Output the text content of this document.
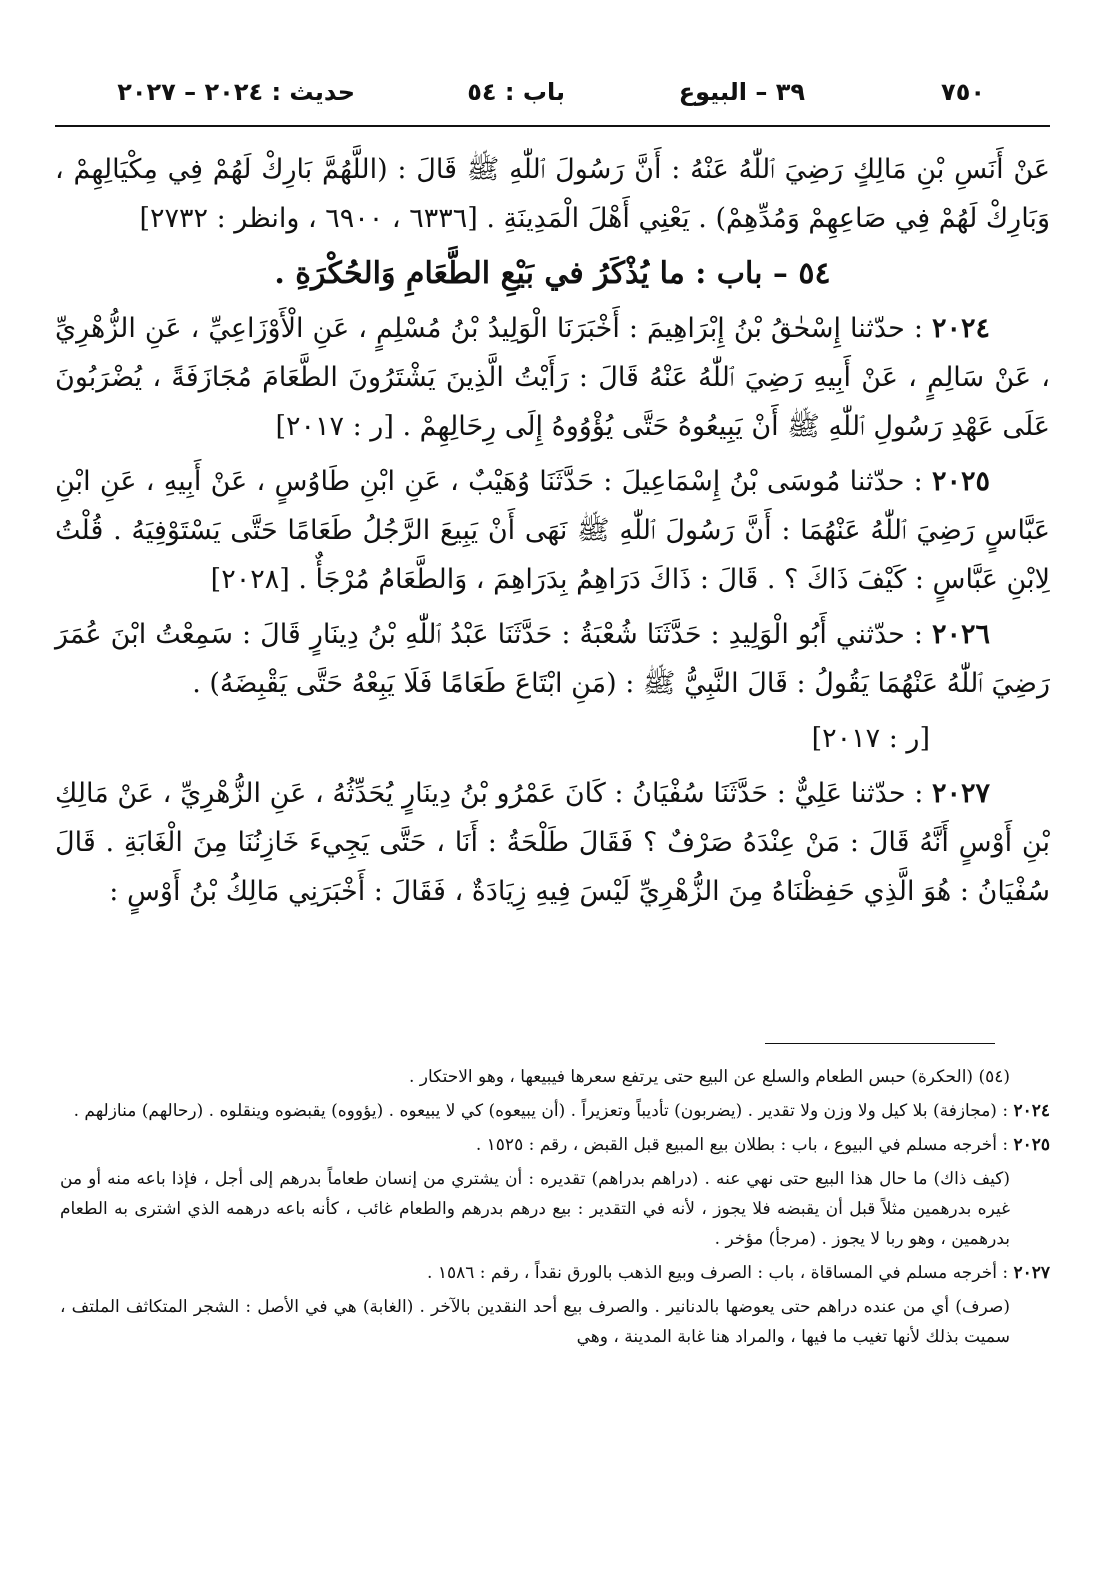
٧٥٠
٣٩ – البيوع
باب : ٥٤
حديث : ٢٠٢٤ – ٢٠٢٧

عَنْ أَنَسِ بْنِ مَالِكٍ رَضِيَ ٱللّٰهُ عَنْهُ : أَنَّ رَسُولَ ٱللّٰهِ ﷺ قَالَ : (اللَّهُمَّ بَارِكْ لَهُمْ فِي مِكْيَالِهِمْ ، وَبَارِكْ لَهُمْ فِي صَاعِهِمْ وَمُدِّهِمْ) . يَعْنِي أَهْلَ الْمَدِينَةِ . [٦٣٣٦ ، ٦٩٠٠ ، وانظر : ٢٧٣٢]

٥٤ – باب : ما يُذْكَرُ في بَيْعِ الطَّعَامِ وَالحُكْرَةِ .

٢٠٢٤ : حدّثنا إِسْحٰقُ بْنُ إِبْرَاهِيمَ : أَخْبَرَنَا الْوَلِيدُ بْنُ مُسْلِمٍ ، عَنِ الْأَوْزَاعِيِّ ، عَنِ الزُّهْرِيِّ ، عَنْ سَالِمٍ ، عَنْ أَبِيهِ رَضِيَ ٱللّٰهُ عَنْهُ قَالَ : رَأَيْتُ الَّذِينَ يَشْتَرُونَ الطَّعَامَ مُجَازَفَةً ، يُضْرَبُونَ عَلَى عَهْدِ رَسُولِ ٱللّٰهِ ﷺ أَنْ يَبِيعُوهُ حَتَّى يُؤْوُوهُ إِلَى رِحَالِهِمْ . [ر : ٢٠١٧]

٢٠٢٥ : حدّثنا مُوسَى بْنُ إِسْمَاعِيلَ : حَدَّثَنَا وُهَيْبٌ ، عَنِ ابْنِ طَاوُسٍ ، عَنْ أَبِيهِ ، عَنِ ابْنِ عَبَّاسٍ رَضِيَ ٱللّٰهُ عَنْهُمَا : أَنَّ رَسُولَ ٱللّٰهِ ﷺ نَهَى أَنْ يَبِيعَ الرَّجُلُ طَعَامًا حَتَّى يَسْتَوْفِيَهُ . قُلْتُ لِابْنِ عَبَّاسٍ : كَيْفَ ذَاكَ ؟ . قَالَ : ذَاكَ دَرَاهِمُ بِدَرَاهِمَ ، وَالطَّعَامُ مُرْجَأٌ . [٢٠٢٨]

٢٠٢٦ : حدّثني أَبُو الْوَلِيدِ : حَدَّثَنَا شُعْبَةُ : حَدَّثَنَا عَبْدُ ٱللّٰهِ بْنُ دِينَارٍ قَالَ : سَمِعْتُ ابْنَ عُمَرَ رَضِيَ ٱللّٰهُ عَنْهُمَا يَقُولُ : قَالَ النَّبِيُّ ﷺ : (مَنِ ابْتَاعَ طَعَامًا فَلَا يَبِعْهُ حَتَّى يَقْبِضَهُ) .

[ر : ٢٠١٧]

٢٠٢٧ : حدّثنا عَلِيٌّ : حَدَّثَنَا سُفْيَانُ : كَانَ عَمْرُو بْنُ دِينَارٍ يُحَدِّثُهُ ، عَنِ الزُّهْرِيِّ ، عَنْ مَالِكِ بْنِ أَوْسٍ أَنَّهُ قَالَ : مَنْ عِنْدَهُ صَرْفٌ ؟ فَقَالَ طَلْحَةُ : أَنَا ، حَتَّى يَجِيءَ خَازِنُنَا مِنَ الْغَابَةِ . قَالَ سُفْيَانُ : هُوَ الَّذِي حَفِظْنَاهُ مِنَ الزُّهْرِيِّ لَيْسَ فِيهِ زِيَادَةٌ ، فَقَالَ : أَخْبَرَنِي مَالِكُ بْنُ أَوْسٍ :

(٥٤) (الحكرة) حبس الطعام والسلع عن البيع حتى يرتفع سعرها فيبيعها ، وهو الاحتكار .

٢٠٢٤ : (مجازفة) بلا كيل ولا وزن ولا تقدير . (يضربون) تأديباً وتعزيراً . (أن يبيعوه) كي لا يبيعوه . (يؤووه) يقبضوه وينقلوه . (رحالهم) منازلهم .

٢٠٢٥ : أخرجه مسلم في البيوع ، باب : بطلان بيع المبيع قبل القبض ، رقم : ١٥٢٥ .

(كيف ذاك) ما حال هذا البيع حتى نهي عنه . (دراهم بدراهم) تقديره : أن يشتري من إنسان طعاماً بدرهم إلى أجل ، فإذا باعه منه أو من غيره بدرهمين مثلاً قبل أن يقبضه فلا يجوز ، لأنه في التقدير : بيع درهم بدرهم والطعام غائب ، كأنه باعه درهمه الذي اشترى به الطعام بدرهمين ، وهو ربا لا يجوز . (مرجأ) مؤخر .

٢٠٢٧ : أخرجه مسلم في المساقاة ، باب : الصرف وبيع الذهب بالورق نقداً ، رقم : ١٥٨٦ .

(صرف) أي من عنده دراهم حتى يعوضها بالدنانير . والصرف بيع أحد النقدين بالآخر . (الغابة) هي في الأصل : الشجر المتكاثف الملتف ، سميت بذلك لأنها تغيب ما فيها ، والمراد هنا غابة المدينة ، وهي
